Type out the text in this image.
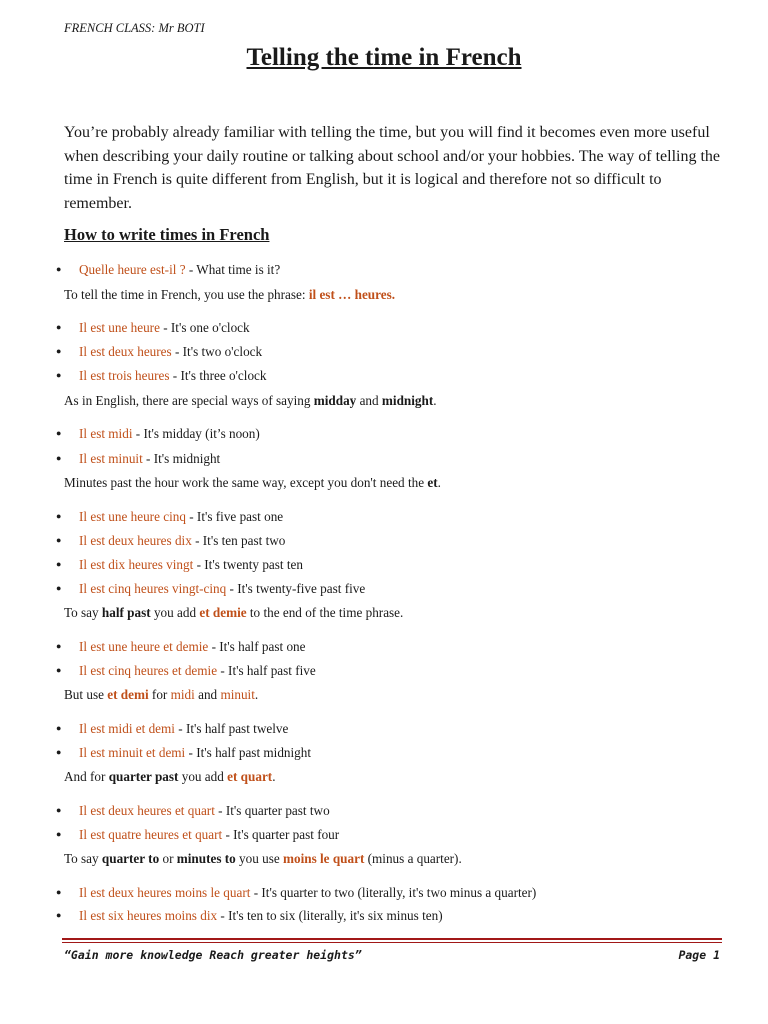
FRENCH CLASS: Mr BOTI
Telling the time in French
You’re probably already familiar with telling the time, but you will find it becomes even more useful when describing your daily routine or talking about school and/or your hobbies. The way of telling the time in French is quite different from English, but it is logical and therefore not so difficult to remember.
How to write times in French
● Quelle heure est-il ? - What time is it?
To tell the time in French, you use the phrase: il est … heures.
● Il est une heure - It's one o'clock
● Il est deux heures - It's two o'clock
● Il est trois heures - It's three o'clock
As in English, there are special ways of saying midday and midnight.
● Il est midi - It's midday (it’s noon)
● Il est minuit - It's midnight
Minutes past the hour work the same way, except you don't need the et.
● Il est une heure cinq - It's five past one
● Il est deux heures dix - It's ten past two
● Il est dix heures vingt - It's twenty past ten
● Il est cinq heures vingt-cinq - It's twenty-five past five
To say half past you add et demie to the end of the time phrase.
● Il est une heure et demie - It's half past one
● Il est cinq heures et demie - It's half past five
But use et demi for midi and minuit.
● Il est midi et demi - It's half past twelve
● Il est minuit et demi - It's half past midnight
And for quarter past you add et quart.
● Il est deux heures et quart - It's quarter past two
● Il est quatre heures et quart - It's quarter past four
To say quarter to or minutes to you use moins le quart (minus a quarter).
● Il est deux heures moins le quart - It's quarter to two (literally, it's two minus a quarter)
● Il est six heures moins dix - It's ten to six (literally, it's six minus ten)
“Gain more knowledge Reach greater heights”	Page 1
